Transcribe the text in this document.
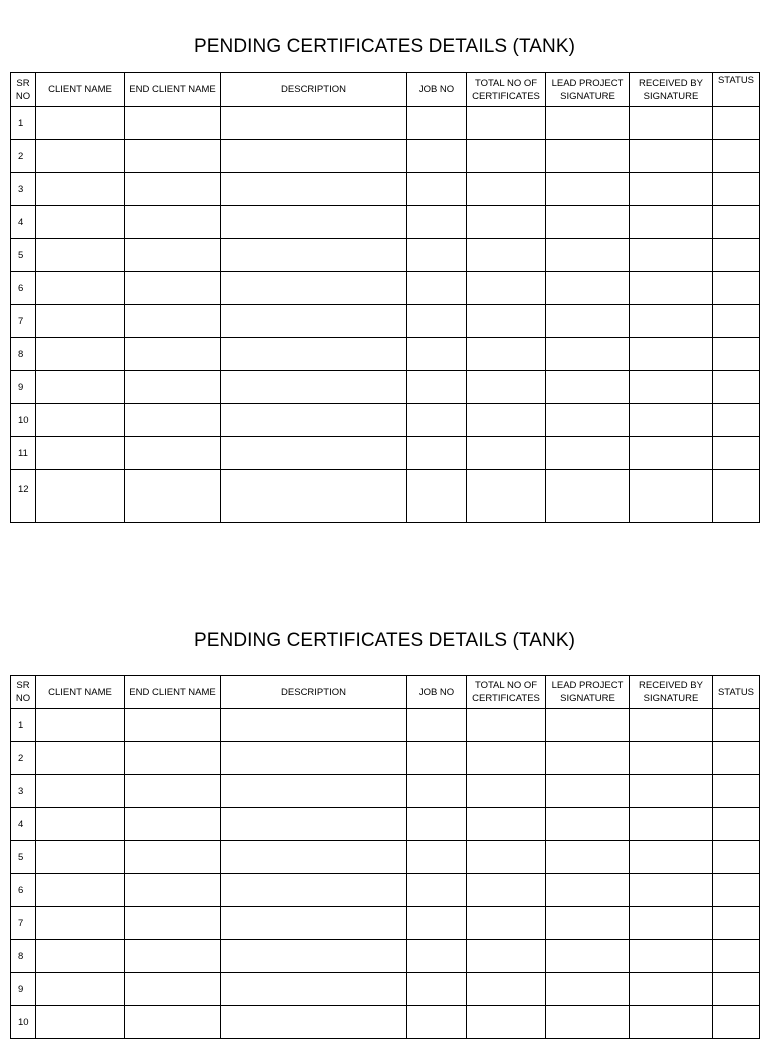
PENDING CERTIFICATES DETAILS (TANK)
SR NO	CLIENT NAME	END CLIENT NAME	DESCRIPTION	JOB NO	TOTAL NO OF CERTIFICATES	LEAD PROJECT SIGNATURE	RECEIVED BY SIGNATURE	STATUS
1								
2								
3								
4								
5								
6								
7								
8								
9								
10								
11								
12								
PENDING CERTIFICATES DETAILS (TANK)
SR NO	CLIENT NAME	END CLIENT NAME	DESCRIPTION	JOB NO	TOTAL NO OF CERTIFICATES	LEAD PROJECT SIGNATURE	RECEIVED BY SIGNATURE	STATUS
1								
2								
3								
4								
5								
6								
7								
8								
9								
10								
